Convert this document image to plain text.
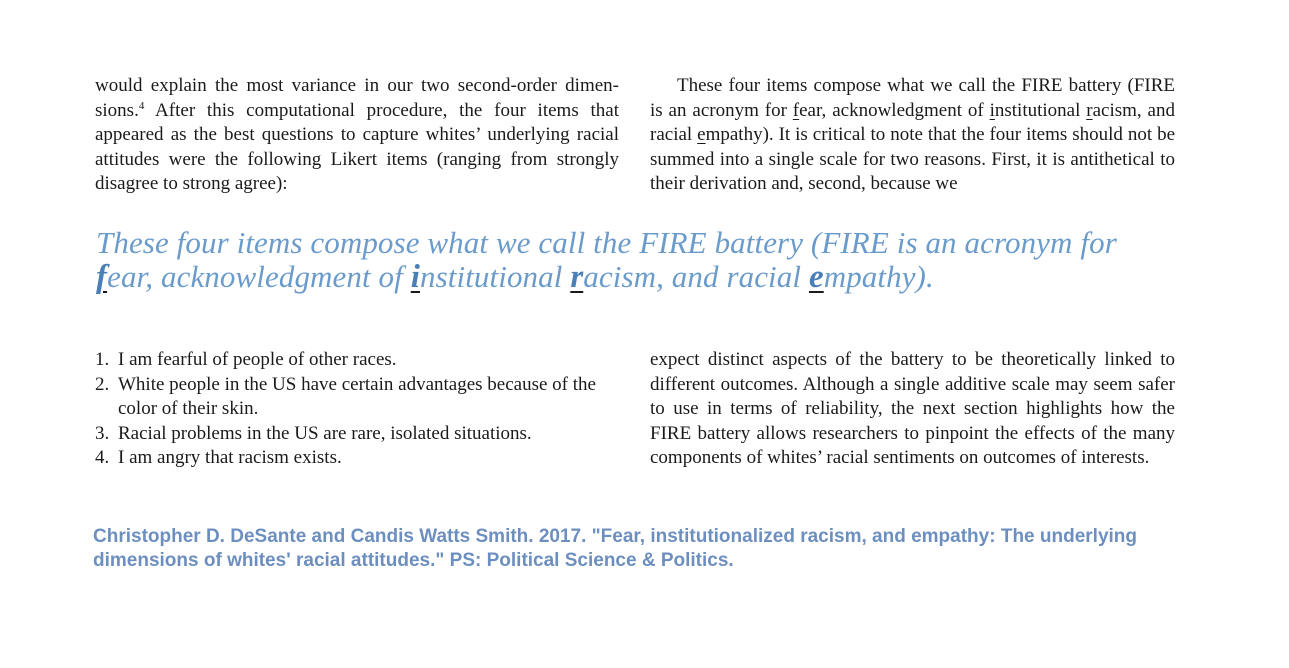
would explain the most variance in our two second-order dimen-sions.$^4$ After this computational procedure, the four items that appeared as the best questions to capture whites’ underlying racial attitudes were the following Likert items (ranging from strongly disagree to strong agree):

These four items compose what we call the FIRE battery (FIRE is an acronym for fear, acknowledgment of institutional racism, and racial empathy). It is critical to note that the four items should not be summed into a single scale for two reasons. First, it is antithetical to their derivation and, second, because we

These four items compose what we call the FIRE battery (FIRE is an acronym for fear, acknowledgment of institutional racism, and racial empathy).
1. I am fearful of people of other races.
2. White people in the US have certain advantages because of the color of their skin.
3. Racial problems in the US are rare, isolated situations.
4. I am angry that racism exists.

expect distinct aspects of the battery to be theoretically linked to different outcomes. Although a single additive scale may seem safer to use in terms of reliability, the next section highlights how the FIRE battery allows researchers to pinpoint the effects of the many components of whites’ racial sentiments on outcomes of interests.

Christopher D. DeSante and Candis Watts Smith. 2017. "Fear, institutionalized racism, and empathy: The underlying dimensions of whites' racial attitudes." PS: Political Science & Politics.
